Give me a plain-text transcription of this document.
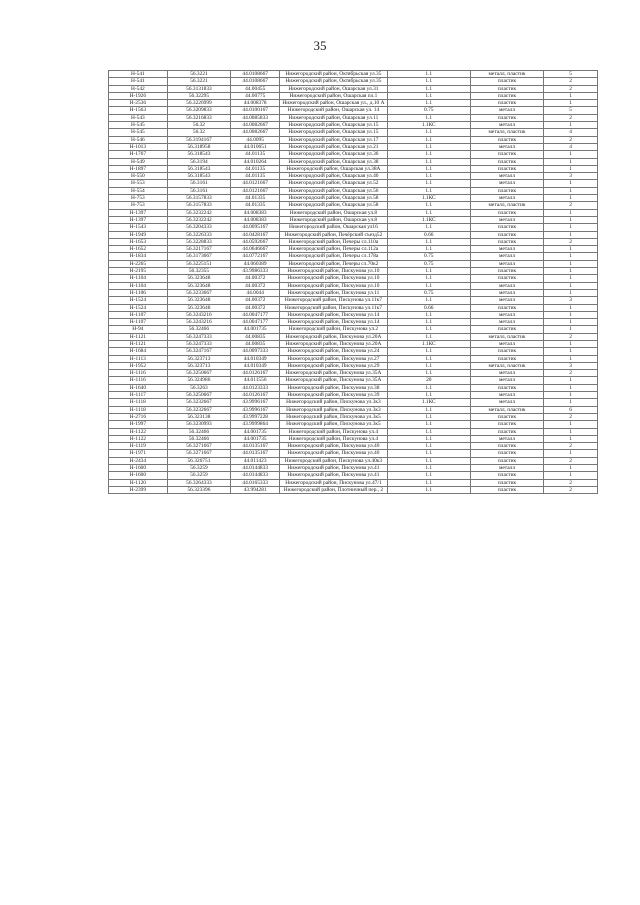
35
Н-541	56.3221	44.0108667	Нижегородский район, Октябрьская ул.35	1.1	металл, пластик	5
Н-541	56.3221	44.0108667	Нижегородский район, Октябрьская ул.35	1.1	пластик	2
Н-542	56.3131833	44.00455	Нижегородский район, Ошарская ул.31	1.1	пластик	2
Н-1926	56.32295	44.00775	Нижегородский район, Ошарская пл.1	1.1	пластик	1
Н-2536	56.3226999	44.008378	Нижегородский район, Ошарская ул., д.10 А	1.1	пластик	1
Н-1563	56.3209833	44.0100167	Нижегородский район, Ошарская ул. 14	0.75	металл	5
Н-543	56.3216833	44.0085833	Нижегородский район, Ошарская ул.11	1.1	пластик	2
Н-545	56.32	44.0082667	Нижегородский район, Ошарская ул.15	1.1КС	металл	1
Н-545	56.32	44.0082667	Нижегородский район, Ошарская ул.15	1.1	металл, пластик	4
Н-546	56.3194167	44.0095	Нижегородский район, Ошарская ул.17	1.1	пластик	2
Н-1013	56.318958	44.010651	Нижегородский район, Ошарская ул.21	1.1	металл	4
Н-1767	56.318543	44.01135	Нижегородский район, Ошарская ул.36	1.1	пластик	1
Н-549	56.3194	44.010264	Нижегородский район, Ошарская ул.38	1.1	пластик	1
Н-1897	56.318543	44.01135	Нижегородский район, Ошарская ул.38А	1.1	пластик	1
Н-550	56.318543	44.01135	Нижегородский район, Ошарская ул.40	1.1	металл	3
Н-553	56.3161	44.0121667	Нижегородский район, Ошарская ул.52	1.1	металл	1
Н-554	56.3161	44.0121667	Нижегородский район, Ошарская ул.56	1.1	пластик	1
Н-753	56.3157833	44.01335	Нижегородский район, Ошарская ул.58	1.1КС	металл	1
Н-753	56.3157833	44.01335	Нижегородский район, Ошарская ул.58	1.1	металл, пластик	2
Н-1397	56.3232242	44.008383	Нижегородский район, Ошарская ул.8	1.1	пластик	1
Н-1397	56.3232242	44.008383	Нижегородский район, Ошарская ул.8	1.1КС	металл	1
Н-1543	56.3204333	44.0095167	Нижегородский район, Ошарская ул16	1.1	пластик	1
Н-1949	56.3226333	44.0428167	Нижегородский район, Печёрский съезд52	0.66	пластик	1
Н-1653	56.3228833	44.0592667	Нижегородский район, Печеры сл.110а	1.1	пластик	2
Н-1652	56.3217167	44.0646667	Нижегородский район, Печеры сл.112а	1.1	металл	1
Н-1834	56.3173667	44.0772167	Нижегородский район, Печеры сл.178а	0.75	металл	1
Н-2265	56.3225151	44.060389	Нижегородский район, Печеры сл.70к2	0.75	металл	1
Н-2195	56.32355	43.9986333	Нижегородский район, Пискунова ул.10	1.1	пластик	1
Н-1104	56.323648	44.00372	Нижегородский район, Пискунова ул.10	1.1	пластик	1
Н-1104	56.323648	44.00372	Нижегородский район, Пискунова ул.10	1.1	металл	1
Н-1106	56.3233667	44.0044	Нижегородский район, Пискунова ул.11	0.75	металл	1
Н-1524	56.323648	44.00372	Нижегородский район, Пискунова ул.11к7	1.1	металл	3
Н-1524	56.323648	44.00372	Нижегородский район, Пискунова ул.11к7	0.66	пластик	1
Н-1107	56.3243216	44.0047177	Нижегородский район, Пискунова ул.14	1.1	металл	1
Н-1107	56.3243216	44.0047177	Нижегородский район, Пискунова ул.14	1.1	металл	1
Н-94	56.32466	44.001735	Нижегородский район, Пискунова ул.2	1.1	пластик	1
Н-1121	56.3247333	44.00835	Нижегородский район, Пискунова ул.20А	1.1	металл, пластик	2
Н-1121	56.3247333	44.00835	Нижегородский район, Пискунова ул.20А	1.1КС	металл	1
Н-1684	56.3247167	44.0097333	Нижегородский район, Пискунова ул.24	1.1	пластик	1
Н-1113	56.323713	44.010349	Нижегородский район, Пискунова ул.27	1.1	пластик	1
Н-1952	56.323713	44.010349	Нижегородский район, Пискунова ул.29	1.1	металл, пластик	3
Н-1116	56.3250667	44.0126167	Нижегородский район, Пискунова ул.35А	1.1	металл	2
Н-1116	56.324986	44.011556	Нижегородский район, Пискунова ул.35А	20	металл	1
Н-1640	56.3263	44.0123333	Нижегородский район, Пискунова ул.38	1.1	пластик	1
Н-1117	56.3250667	44.0126167	Нижегородский район, Пискунова ул.39	1.1	металл	1
Н-1118	56.3232667	43.9996167	Нижегородский район, Пискунова ул.3к3	1.1КС	металл	1
Н-1118	56.3232667	43.9996167	Нижегородский район, Пискунова ул.3к3	1.1	металл, пластик	6
Н-2716	56.323138	43.9997228	Нижегородский район, Пискунова ул.3к5	1.1	пластик	2
Н-1997	56.3230993	43.9999864	Нижегородский район, Пискунова ул.3к5	1.1	пластик	1
Н-1122	56.32466	44.001735	Нижегородский район, Пискунова ул.4	1.1	пластик	1
Н-1122	56.32466	44.001735	Нижегородский район, Пискунова ул.4	1.1	металл	1
Н-1119	56.3271667	44.0135167	Нижегородский район, Пискунова ул.40	1.1	пластик	2
Н-1971	56.3271667	44.0135167	Нижегородский район, Пискунова ул.40	1.1	пластик	1
Н-2434	56.326751	44.011423	Нижегородский район, Пискунова ул.40к3	1.1	пластик	2
Н-1600	56.3259	44.0144833	Нижегородский район, Пискунова ул.41	1.1	металл	1
Н-1600	56.3259	44.0144833	Нижегородский район, Пискунова ул.41	1.1	пластик	1
Н-1120	56.3264333	44.0165333	Нижегородский район, Пискунова ул.47/1	1.1	пластик	2
Н-2399	56.323396	43.994281	Нижегородский район, Плотничный пер., 2	1.1	пластик	2
